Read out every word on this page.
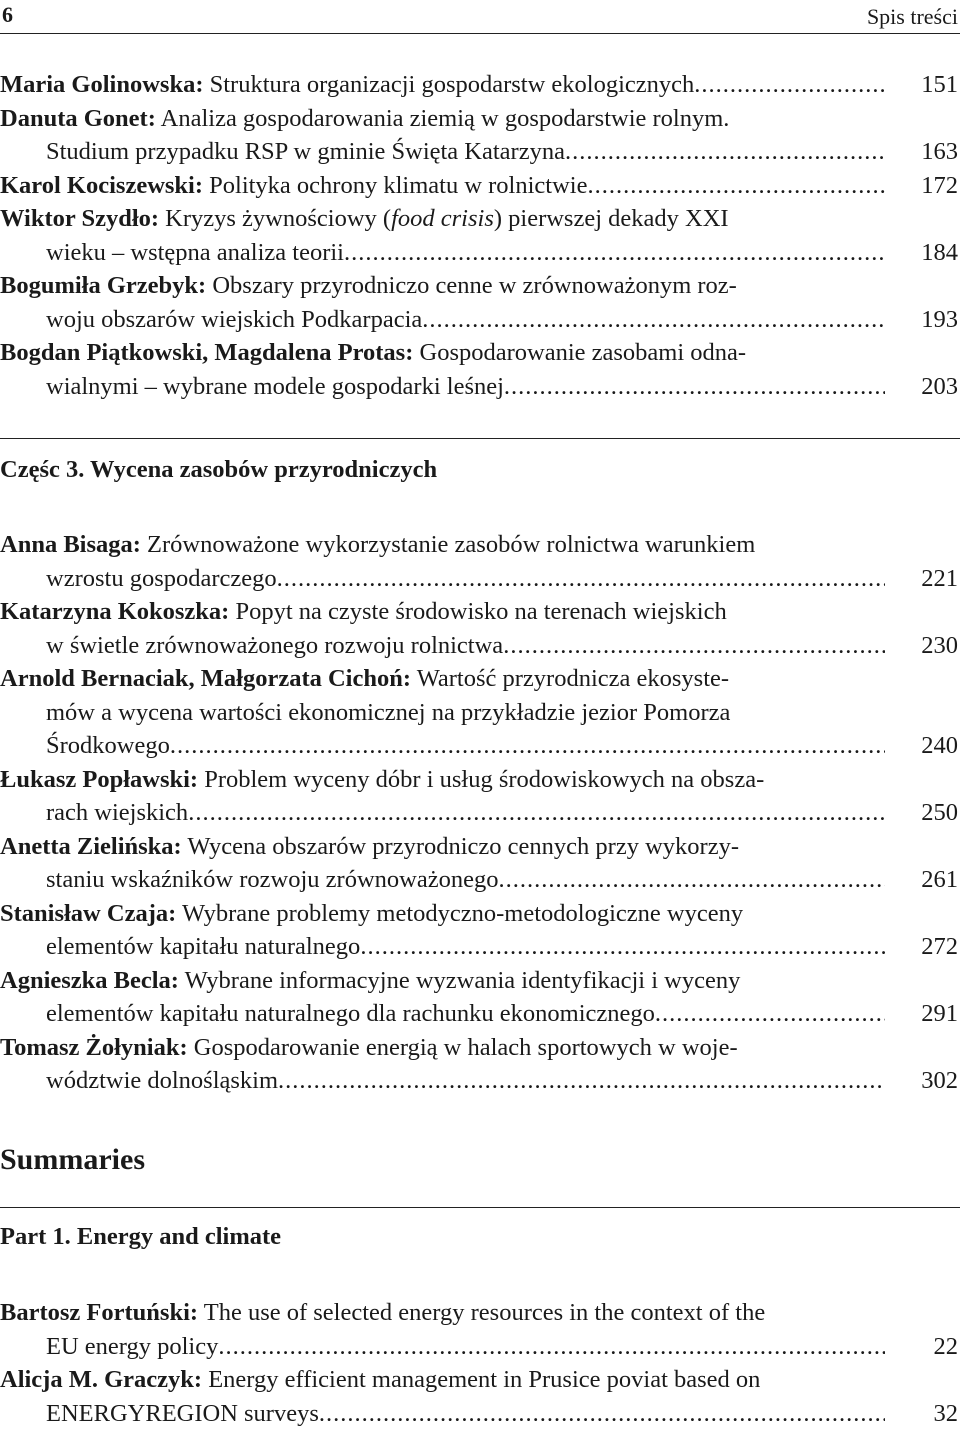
6	Spis treści
Maria Golinowska: Struktura organizacji gospodarstw ekologicznych .....	151
Danuta Gonet: Analiza gospodarowania ziemią w gospodarstwie rolnym.
Studium przypadku RSP w gminie Święta Katarzyna .....	163
Karol Kociszewski: Polityka ochrony klimatu w rolnictwie .....	172
Wiktor Szydło: Kryzys żywnościowy (food crisis) pierwszej dekady XXI
wieku – wstępna analiza teorii .....	184
Bogumiła Grzebyk: Obszary przyrodniczo cenne w zrównoważonym roz-
woju obszarów wiejskich Podkarpacia .....	193
Bogdan Piątkowski, Magdalena Protas: Gospodarowanie zasobami odna-
wialnymi – wybrane modele gospodarki leśnej .....	203
Częśc 3. Wycena zasobów przyrodniczych
Anna Bisaga: Zrównoważone wykorzystanie zasobów rolnictwa warunkiem
wzrostu gospodarczego .....	221
Katarzyna Kokoszka: Popyt na czyste środowisko na terenach wiejskich
w świetle zrównoważonego rozwoju rolnictwa .....	230
Arnold Bernaciak, Małgorzata Cichoń: Wartość przyrodnicza ekosyste-
mów a wycena wartości ekonomicznej na przykładzie jezior Pomorza
Środkowego .....	240
Łukasz Popławski: Problem wyceny dóbr i usług środowiskowych na obsza-
rach wiejskich .....	250
Anetta Zielińska: Wycena obszarów przyrodniczo cennych przy wykorzy-
staniu wskaźników rozwoju zrównoważonego .....	261
Stanisław Czaja: Wybrane problemy metodyczno-metodologiczne wyceny
elementów kapitału naturalnego .....	272
Agnieszka Becla: Wybrane informacyjne wyzwania identyfikacji i wyceny
elementów kapitału naturalnego dla rachunku ekonomicznego .....	291
Tomasz Żołyniak: Gospodarowanie energią w halach sportowych w woje-
wództwie dolnośląskim .....	302
Summaries
Part 1. Energy and climate
Bartosz Fortuński: The use of selected energy resources in the context of the
EU energy policy .....	22
Alicja M. Graczyk: Energy efficient management in Prusice poviat based on
ENERGYREGION surveys .....	32
